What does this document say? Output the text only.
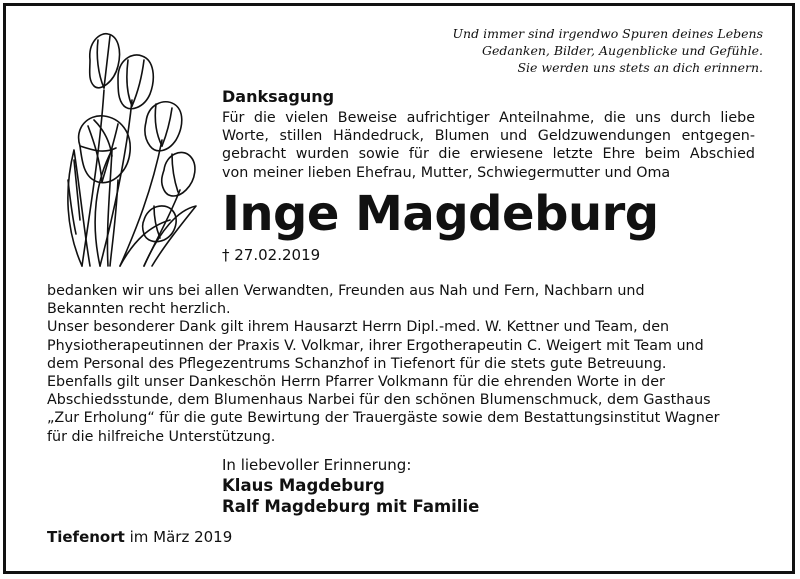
Und immer sind irgendwo Spuren deines Lebens
Gedanken, Bilder, Augenblicke und Gefühle.
Sie werden uns stets an dich erinnern.
Danksagung
Für die vielen Beweise aufrichtiger Anteilnahme, die uns durch liebe
Worte, stillen Händedruck, Blumen und Geldzuwendungen entgegen-
gebracht wurden sowie für die erwiesene letzte Ehre beim Abschied
von meiner lieben Ehefrau, Mutter, Schwiegermutter und Oma
Inge Magdeburg
† 27.02.2019
bedanken wir uns bei allen Verwandten, Freunden aus Nah und Fern, Nachbarn und
Bekannten recht herzlich.
Unser besonderer Dank gilt ihrem Hausarzt Herrn Dipl.-med. W. Kettner und Team, den
Physiotherapeutinnen der Praxis V. Volkmar, ihrer Ergotherapeutin C. Weigert mit Team und
dem Personal des Pflegezentrums Schanzhof in Tiefenort für die stets gute Betreuung.
Ebenfalls gilt unser Dankeschön Herrn Pfarrer Volkmann für die ehrenden Worte in der
Abschiedsstunde, dem Blumenhaus Narbei für den schönen Blumenschmuck, dem Gasthaus
„Zur Erholung“ für die gute Bewirtung der Trauergäste sowie dem Bestattungsinstitut Wagner
für die hilfreiche Unterstützung.
In liebevoller Erinnerung:
Klaus Magdeburg
Ralf Magdeburg mit Familie
Tiefenort im März 2019
